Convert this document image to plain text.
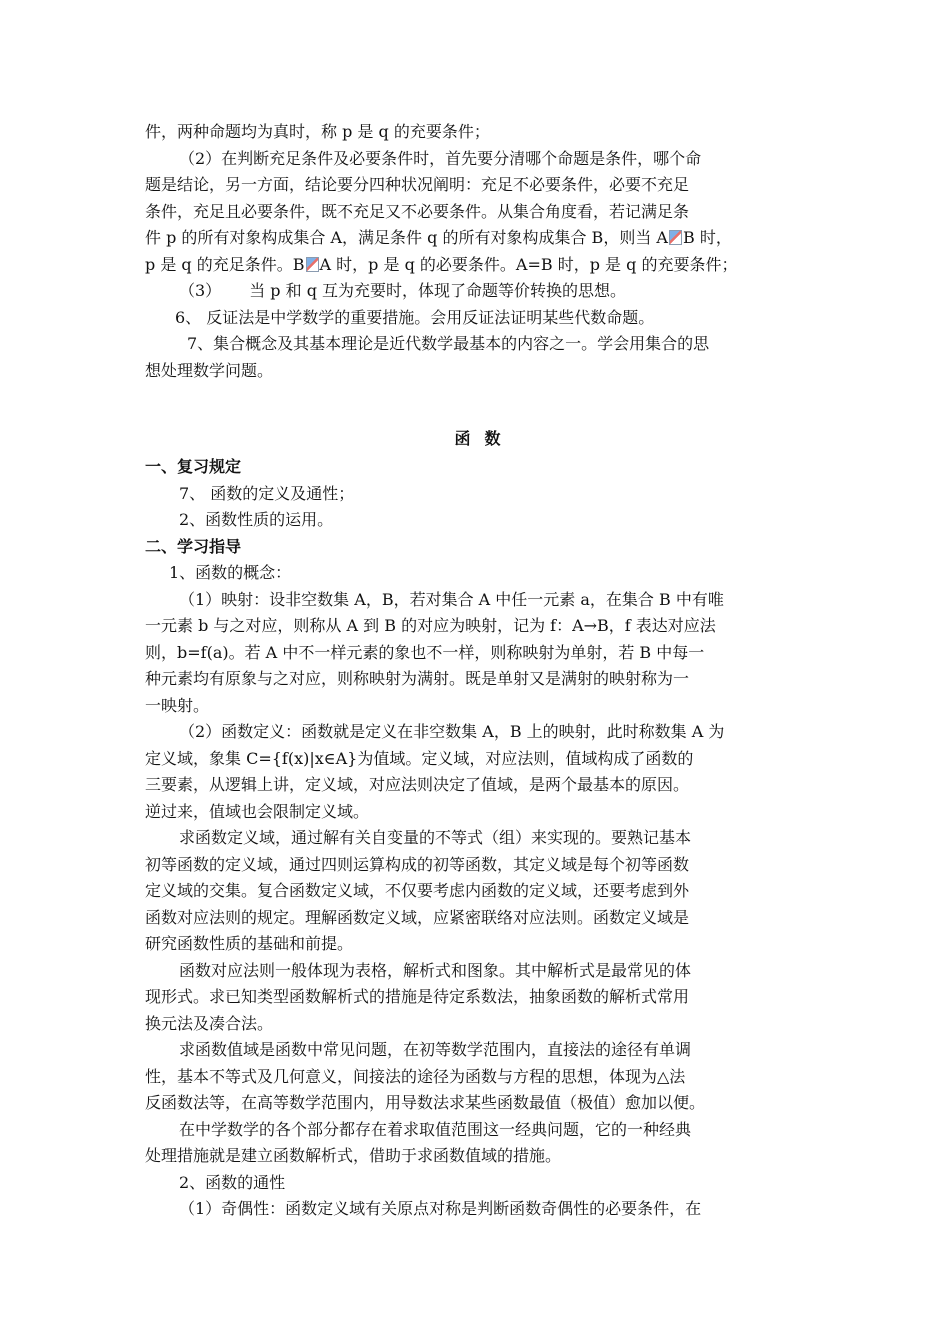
件，两种命题均为真时，称 p 是 q 的充要条件；
（2）在判断充足条件及必要条件时，首先要分清哪个命题是条件，哪个命
题是结论，另一方面，结论要分四种状况阐明：充足不必要条件，必要不充足
条件，充足且必要条件，既不充足又不必要条件。从集合角度看，若记满足条
件 p 的所有对象构成集合 A，满足条件 q 的所有对象构成集合 B，则当 A B 时，
p 是 q 的充足条件。B A 时，p 是 q 的必要条件。A=B 时，p 是 q 的充要条件；
（3） 当 p 和 q 互为充要时，体现了命题等价转换的思想。
6、 反证法是中学数学的重要措施。会用反证法证明某些代数命题。
7、集合概念及其基本理论是近代数学最基本的内容之一。学会用集合的思
想处理数学问题。
函数
一、复习规定
7、 函数的定义及通性；
2、函数性质的运用。
二、学习指导
1、函数的概念：
（1）映射：设非空数集 A，B，若对集合 A 中任一元素 a，在集合 B 中有唯
一元素 b 与之对应，则称从 A 到 B 的对应为映射，记为 f：A→B，f 表达对应法
则，b=f(a)。若 A 中不一样元素的象也不一样，则称映射为单射，若 B 中每一
种元素均有原象与之对应，则称映射为满射。既是单射又是满射的映射称为一
一映射。
（2）函数定义：函数就是定义在非空数集 A，B 上的映射，此时称数集 A 为
定义域，象集 C={f(x)|x∈A}为值域。定义域，对应法则，值域构成了函数的
三要素，从逻辑上讲，定义域，对应法则决定了值域，是两个最基本的原因。
逆过来，值域也会限制定义域。
求函数定义域，通过解有关自变量的不等式（组）来实现的。要熟记基本
初等函数的定义域，通过四则运算构成的初等函数，其定义域是每个初等函数
定义域的交集。复合函数定义域，不仅要考虑内函数的定义域，还要考虑到外
函数对应法则的规定。理解函数定义域，应紧密联络对应法则。函数定义域是
研究函数性质的基础和前提。
函数对应法则一般体现为表格，解析式和图象。其中解析式是最常见的体
现形式。求已知类型函数解析式的措施是待定系数法，抽象函数的解析式常用
换元法及凑合法。
求函数值域是函数中常见问题，在初等数学范围内，直接法的途径有单调
性，基本不等式及几何意义，间接法的途径为函数与方程的思想，体现为△法
反函数法等，在高等数学范围内，用导数法求某些函数最值（极值）愈加以便。
在中学数学的各个部分都存在着求取值范围这一经典问题，它的一种经典
处理措施就是建立函数解析式，借助于求函数值域的措施。
2、函数的通性
（1）奇偶性：函数定义域有关原点对称是判断函数奇偶性的必要条件，在
